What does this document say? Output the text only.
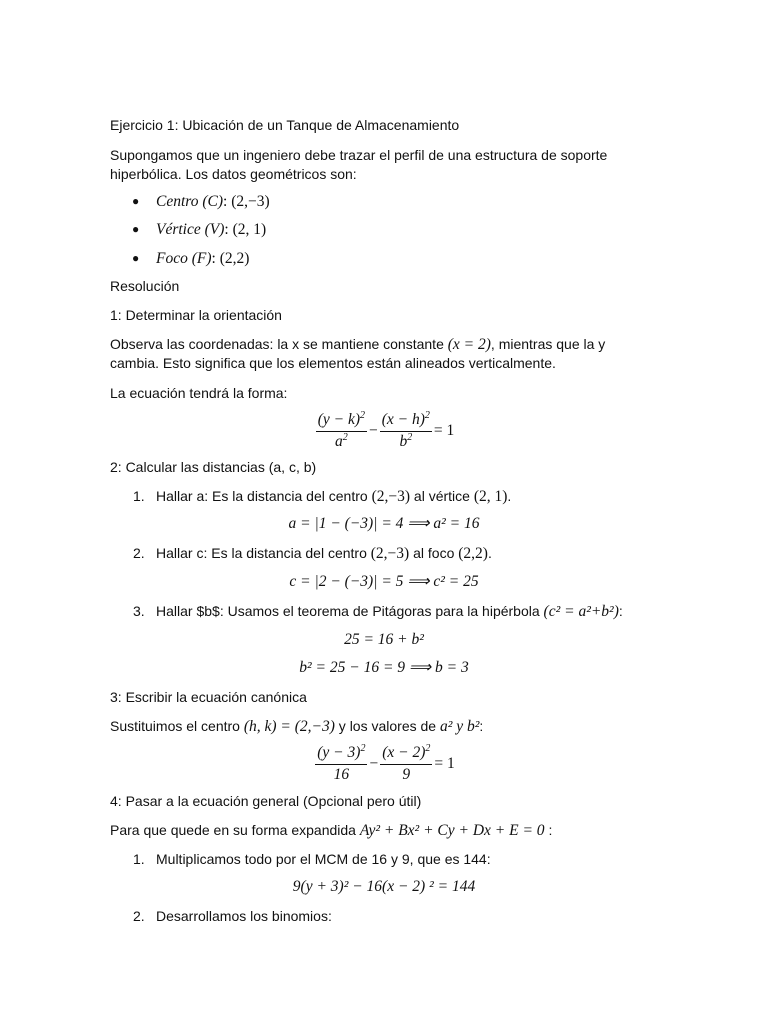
Ejercicio 1: Ubicación de un Tanque de Almacenamiento
Supongamos que un ingeniero debe trazar el perfil de una estructura de soporte
hiperbólica. Los datos geométricos son:
● Centro (C): (2,−3)
● Vértice (V): (2, 1)
● Foco (F): (2,2)
Resolución
1: Determinar la orientación
Observa las coordenadas: la x se mantiene constante (x = 2), mientras que la y
cambia. Esto significa que los elementos están alineados verticalmente.
La ecuación tendrá la forma:
$\frac{(y - k)^2}{a^2} - \frac{(x - h)^2}{b^2} = 1$
2: Calcular las distancias (a, c, b)
1. Hallar a: Es la distancia del centro (2,−3) al vértice (2, 1).
a = |1 − (−3)| = 4 ⟹ a² = 16
2. Hallar c: Es la distancia del centro (2,−3) al foco (2,2).
c = |2 − (−3)| = 5 ⟹ c² = 25
3. Hallar $b$: Usamos el teorema de Pitágoras para la hipérbola (c² = a²+b²):
25 = 16 + b²
b² = 25 − 16 = 9 ⟹ b = 3
3: Escribir la ecuación canónica
Sustituimos el centro (h, k) = (2,−3) y los valores de a² y b²:
$\frac{(y - 3)^2}{16} - \frac{(x - 2)^2}{9} = 1$
4: Pasar a la ecuación general (Opcional pero útil)
Para que quede en su forma expandida Ay² + Bx² + Cy + Dx + E = 0 :
1. Multiplicamos todo por el MCM de 16 y 9, que es 144:
9(y + 3)² − 16(x − 2) ² = 144
2. Desarrollamos los binomios:
